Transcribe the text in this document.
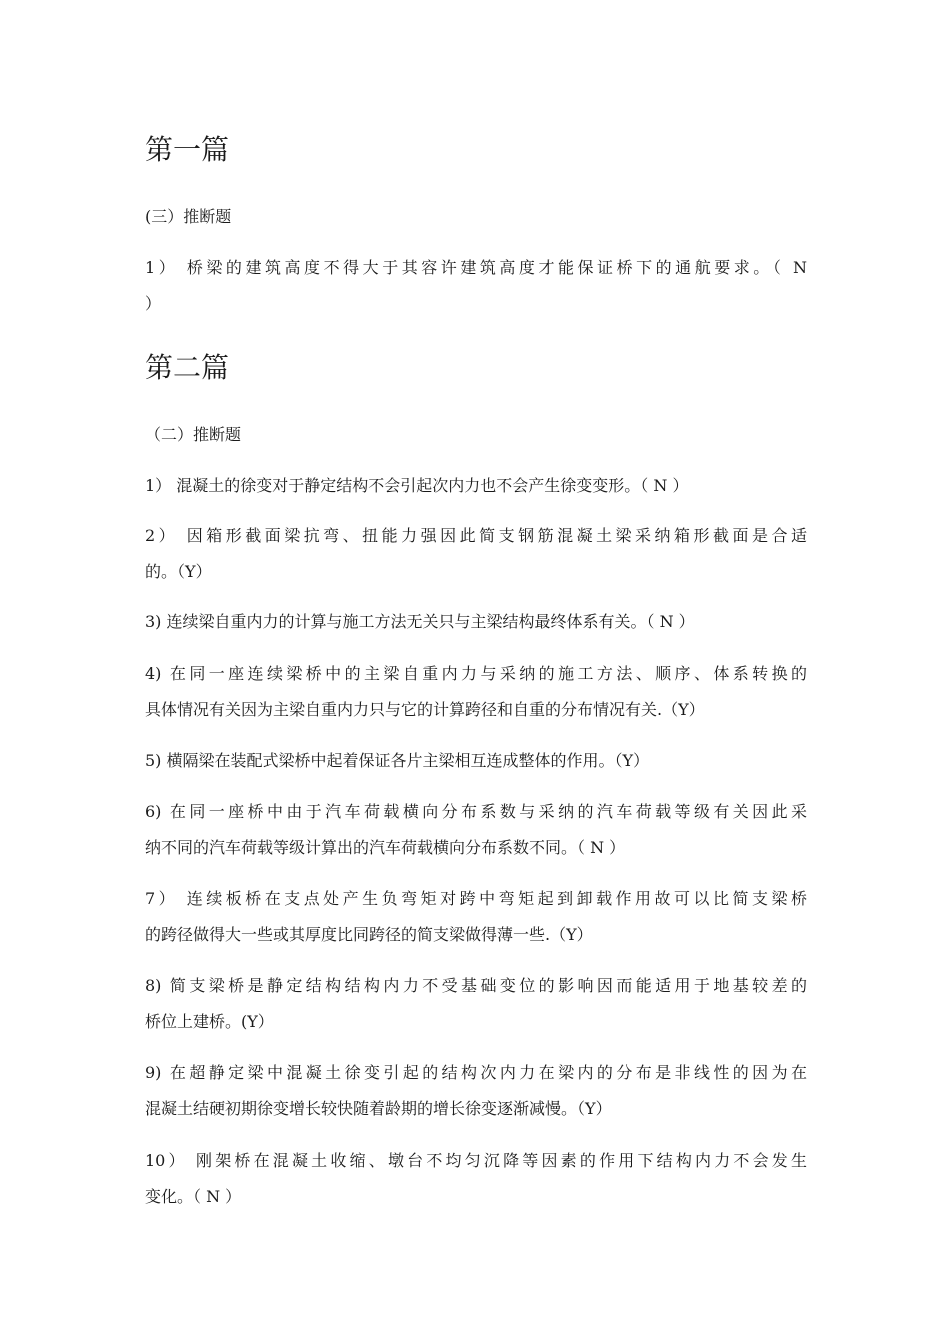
第一篇
(三）推断题
1） 桥梁的建筑高度不得大于其容许建筑高度才能保证桥下的通航要求。（ N
）
第二篇
（二）推断题
1） 混凝土的徐变对于静定结构不会引起次内力也不会产生徐变变形。（ N ）
2） 因箱形截面梁抗弯、扭能力强因此简支钢筋混凝土梁采纳箱形截面是合适
的。（Y）
3) 连续梁自重内力的计算与施工方法无关只与主梁结构最终体系有关。（ N ）
4) 在同一座连续梁桥中的主梁自重内力与采纳的施工方法、顺序、体系转换的
具体情况有关因为主梁自重内力只与它的计算跨径和自重的分布情况有关.（Y）
5) 横隔梁在装配式梁桥中起着保证各片主梁相互连成整体的作用。（Y）
6) 在同一座桥中由于汽车荷载横向分布系数与采纳的汽车荷载等级有关因此采
纳不同的汽车荷载等级计算出的汽车荷载横向分布系数不同。（ N ）
7） 连续板桥在支点处产生负弯矩对跨中弯矩起到卸载作用故可以比简支梁桥
的跨径做得大一些或其厚度比同跨径的简支梁做得薄一些.（Y）
8) 简支梁桥是静定结构结构内力不受基础变位的影响因而能适用于地基较差的
桥位上建桥。(Y）
9) 在超静定梁中混凝土徐变引起的结构次内力在梁内的分布是非线性的因为在
混凝土结硬初期徐变增长较快随着龄期的增长徐变逐渐减慢。（Y）
10） 刚架桥在混凝土收缩、墩台不均匀沉降等因素的作用下结构内力不会发生
变化。（ N ）
